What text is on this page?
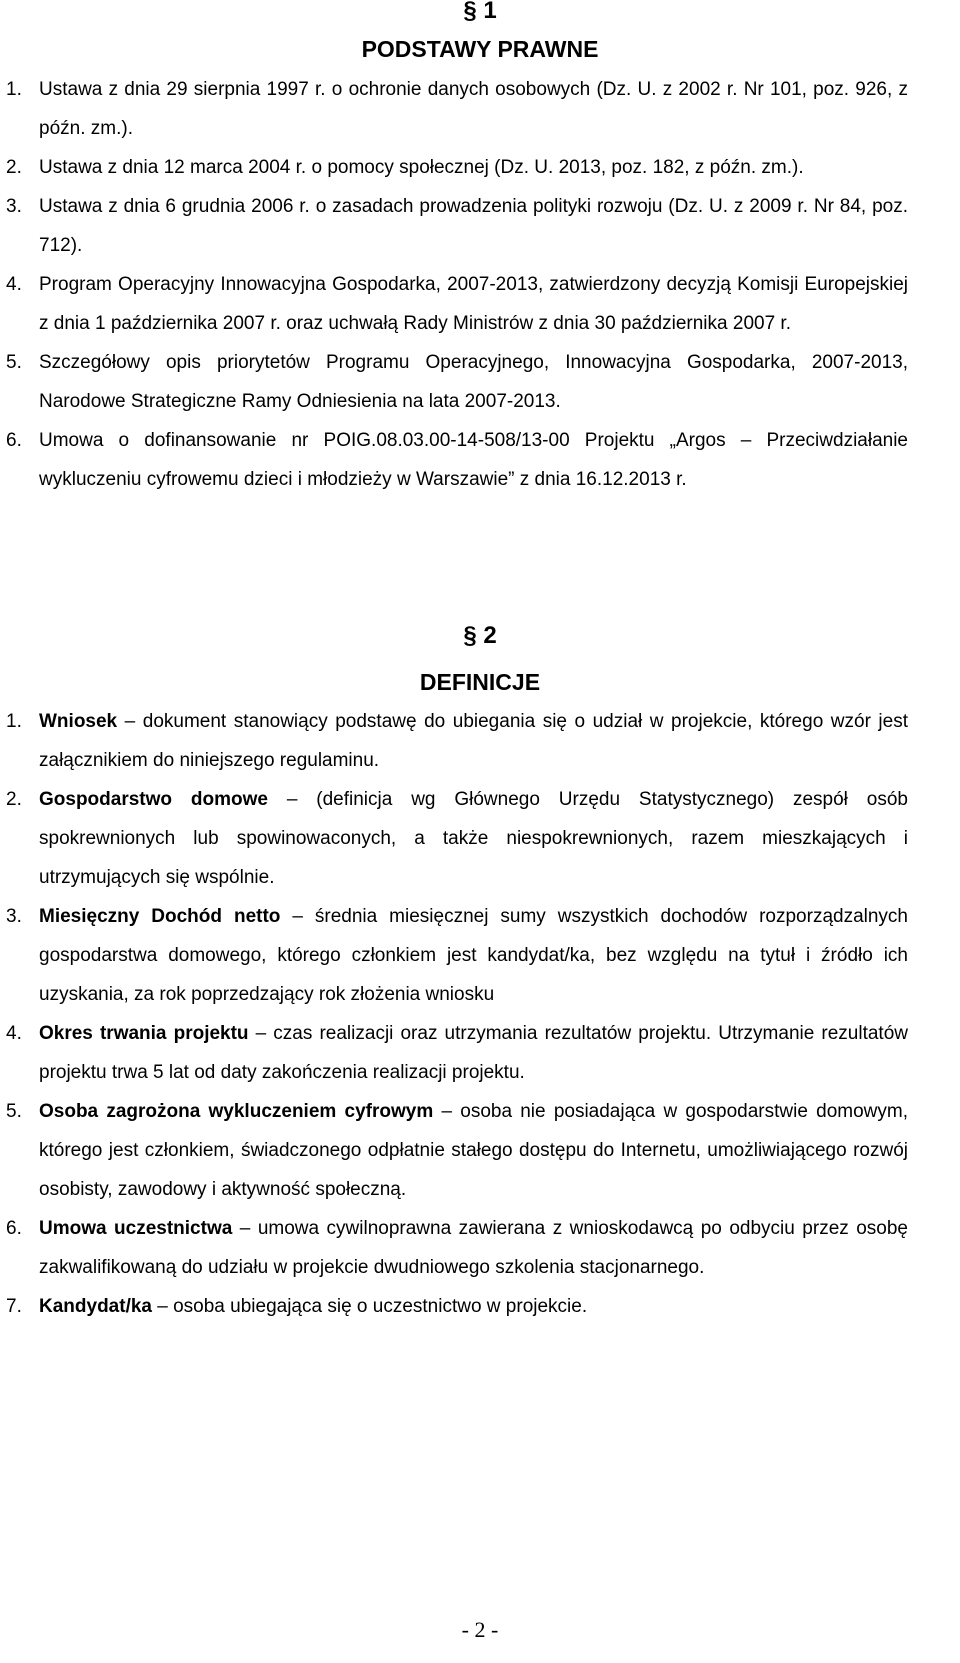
§ 1
PODSTAWY PRAWNE
1. Ustawa z dnia 29 sierpnia 1997 r. o ochronie danych osobowych (Dz. U. z 2002 r. Nr 101, poz. 926, z późn. zm.).
2. Ustawa z dnia 12 marca 2004 r. o pomocy społecznej (Dz. U. 2013, poz. 182, z późn. zm.).
3. Ustawa z dnia 6 grudnia 2006 r. o zasadach prowadzenia polityki rozwoju (Dz. U. z 2009 r. Nr 84, poz. 712).
4. Program Operacyjny Innowacyjna Gospodarka, 2007-2013, zatwierdzony decyzją Komisji Europejskiej z dnia 1 października 2007 r. oraz uchwałą Rady Ministrów z dnia 30 października 2007 r.
5. Szczegółowy opis priorytetów Programu Operacyjnego, Innowacyjna Gospodarka, 2007-2013, Narodowe Strategiczne Ramy Odniesienia na lata 2007-2013.
6. Umowa o dofinansowanie nr POIG.08.03.00-14-508/13-00 Projektu „Argos – Przeciwdziałanie wykluczeniu cyfrowemu dzieci i młodzieży w Warszawie” z dnia 16.12.2013 r.
§ 2
DEFINICJE
1. Wniosek – dokument stanowiący podstawę do ubiegania się o udział w projekcie, którego wzór jest załącznikiem do niniejszego regulaminu.
2. Gospodarstwo domowe – (definicja wg Głównego Urzędu Statystycznego) zespół osób spokrewnionych lub spowinowaconych, a także niespokrewnionych, razem mieszkających i utrzymujących się wspólnie.
3. Miesięczny Dochód netto – średnia miesięcznej sumy wszystkich dochodów rozporządzalnych gospodarstwa domowego, którego członkiem jest kandydat/ka, bez względu na tytuł i źródło ich uzyskania, za rok poprzedzający rok złożenia wniosku
4. Okres trwania projektu – czas realizacji oraz utrzymania rezultatów projektu. Utrzymanie rezultatów projektu trwa 5 lat od daty zakończenia realizacji projektu.
5. Osoba zagrożona wykluczeniem cyfrowym – osoba nie posiadająca w gospodarstwie domowym, którego jest członkiem, świadczonego odpłatnie stałego dostępu do Internetu, umożliwiającego rozwój osobisty, zawodowy i aktywność społeczną.
6. Umowa uczestnictwa – umowa cywilnoprawna zawierana z wnioskodawcą po odbyciu przez osobę zakwalifikowaną do udziału w projekcie dwudniowego szkolenia stacjonarnego.
7. Kandydat/ka – osoba ubiegająca się o uczestnictwo w projekcie.
- 2 -
